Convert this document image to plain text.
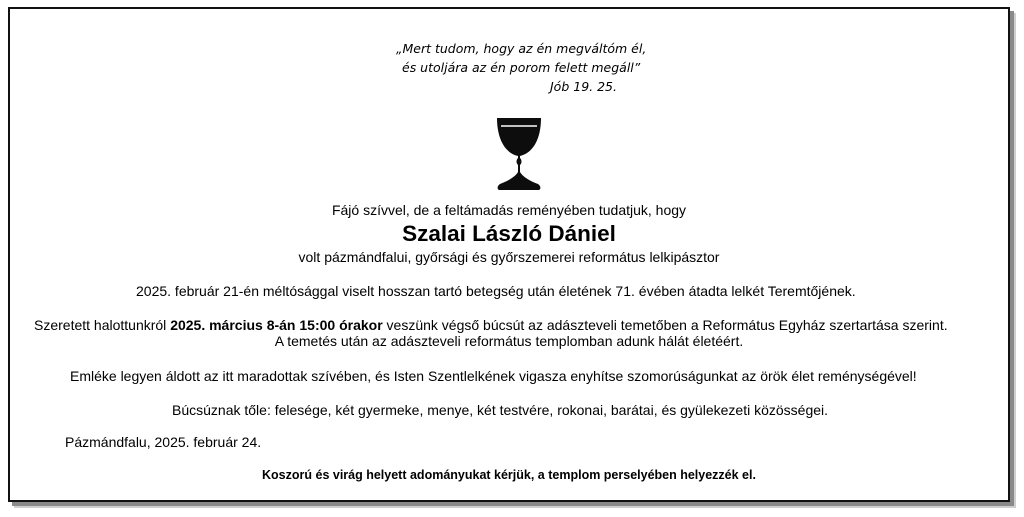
„Mert tudom, hogy az én megváltóm él,
és utoljára az én porom felett megáll”
Jób 19. 25.
Fájó szívvel, de a feltámadás reményében tudatjuk, hogy
Szalai László Dániel
volt pázmándfalui, győrsági és győrszemerei református lelkipásztor
2025. február 21-én méltósággal viselt hosszan tartó betegség után életének 71. évében átadta lelkét Teremtőjének.
Szeretett halottunkról 2025. március 8-án 15:00 órakor veszünk végső búcsút az adászteveli temetőben a Református Egyház szertartása szerint.
A temetés után az adászteveli református templomban adunk hálát életéért.
Emléke legyen áldott az itt maradottak szívében, és Isten Szentlelkének vigasza enyhítse szomorúságunkat az örök élet reménységével!
Búcsúznak tőle: felesége, két gyermeke, menye, két testvére, rokonai, barátai, és gyülekezeti közösségei.
Pázmándfalu, 2025. február 24.
Koszorú és virág helyett adományukat kérjük, a templom perselyében helyezzék el.
